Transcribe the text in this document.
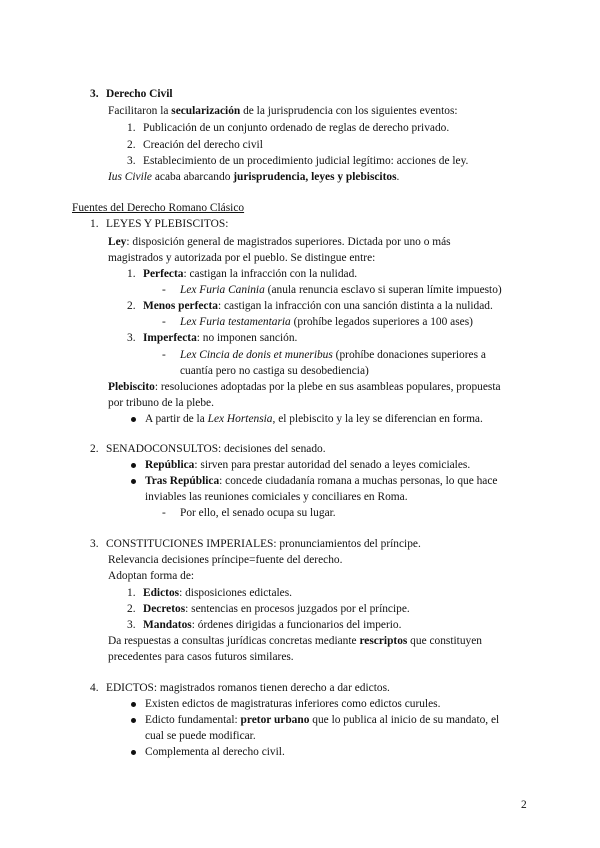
3. Derecho Civil
Facilitaron la secularización de la jurisprudencia con los siguientes eventos:
1. Publicación de un conjunto ordenado de reglas de derecho privado.
2. Creación del derecho civil
3. Establecimiento de un procedimiento judicial legítimo: acciones de ley.
Ius Civile acaba abarcando jurisprudencia, leyes y plebiscitos.
Fuentes del Derecho Romano Clásico
1. LEYES Y PLEBISCITOS:
Ley: disposición general de magistrados superiores. Dictada por uno o más
magistrados y autorizada por el pueblo. Se distingue entre:
1. Perfecta: castigan la infracción con la nulidad.
- Lex Furia Caninia (anula renuncia esclavo si superan límite impuesto)
2. Menos perfecta: castigan la infracción con una sanción distinta a la nulidad.
- Lex Furia testamentaria (prohíbe legados superiores a 100 ases)
3. Imperfecta: no imponen sanción.
- Lex Cincia de donis et muneribus (prohíbe donaciones superiores a
cuantía pero no castiga su desobediencia)
Plebiscito: resoluciones adoptadas por la plebe en sus asambleas populares, propuesta
por tribuno de la plebe.
A partir de la Lex Hortensia, el plebiscito y la ley se diferencian en forma.
2. SENADOCONSULTOS: decisiones del senado.
República: sirven para prestar autoridad del senado a leyes comiciales.
Tras República: concede ciudadanía romana a muchas personas, lo que hace
inviables las reuniones comiciales y conciliares en Roma.
- Por ello, el senado ocupa su lugar.
3. CONSTITUCIONES IMPERIALES: pronunciamientos del príncipe.
Relevancia decisiones príncipe=fuente del derecho.
Adoptan forma de:
1. Edictos: disposiciones edictales.
2. Decretos: sentencias en procesos juzgados por el príncipe.
3. Mandatos: órdenes dirigidas a funcionarios del imperio.
Da respuestas a consultas jurídicas concretas mediante rescriptos que constituyen
precedentes para casos futuros similares.
4. EDICTOS: magistrados romanos tienen derecho a dar edictos.
Existen edictos de magistraturas inferiores como edictos curules.
Edicto fundamental: pretor urbano que lo publica al inicio de su mandato, el
cual se puede modificar.
Complementa al derecho civil.
2
